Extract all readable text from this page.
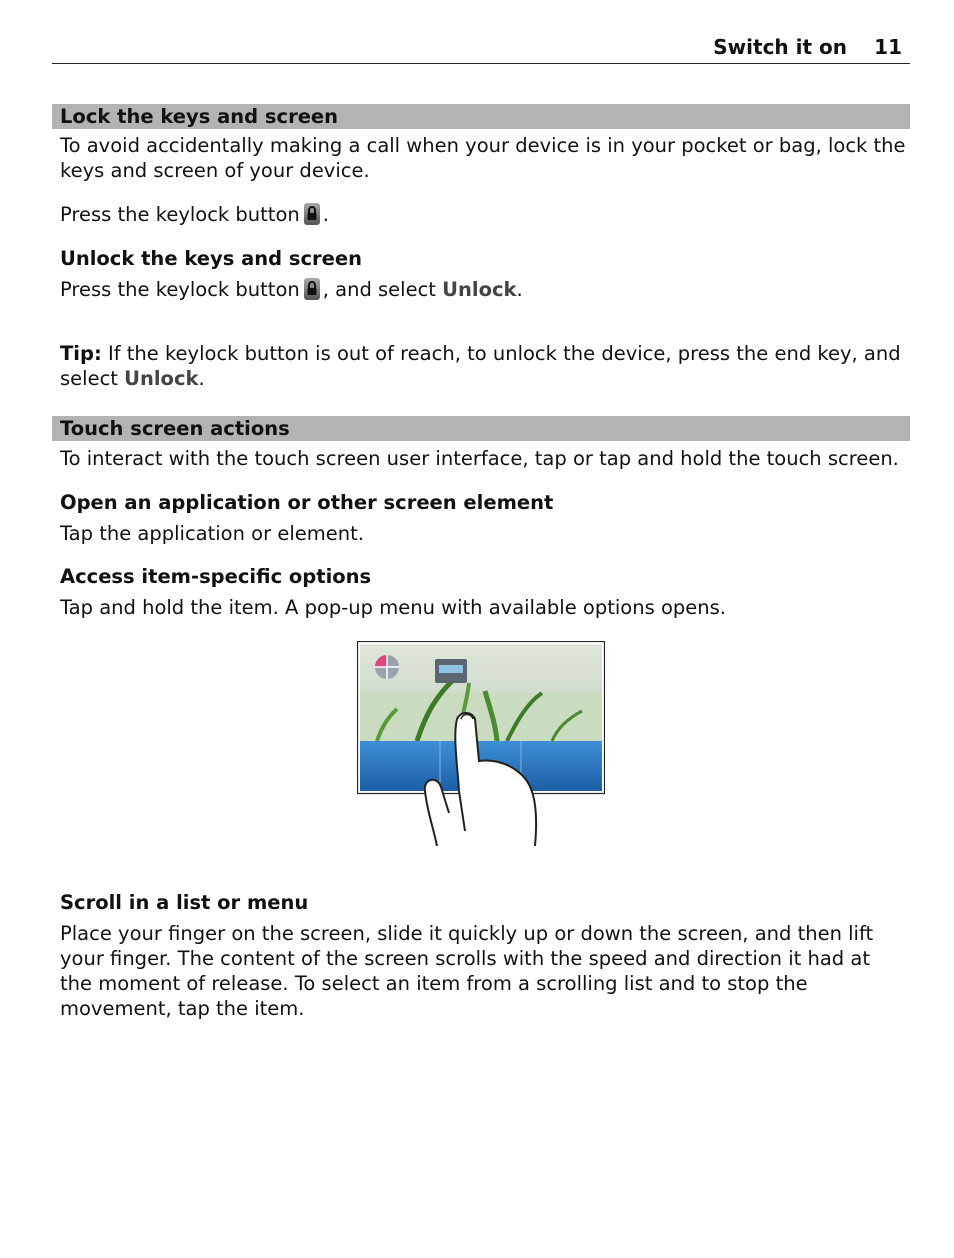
Switch it on 11
Lock the keys and screen

To avoid accidentally making a call when your device is in your pocket or bag, lock the keys and screen of your device.

Press the keylock button .

Unlock the keys and screen

Press the keylock button , and select Unlock.

Tip: If the keylock button is out of reach, to unlock the device, press the end key, and select Unlock.

Touch screen actions

To interact with the touch screen user interface, tap or tap and hold the touch screen.

Open an application or other screen element

Tap the application or element.

Access item-specific options

Tap and hold the item. A pop-up menu with available options opens.

Scroll in a list or menu

Place your finger on the screen, slide it quickly up or down the screen, and then lift your finger. The content of the screen scrolls with the speed and direction it had at the moment of release. To select an item from a scrolling list and to stop the movement, tap the item.
